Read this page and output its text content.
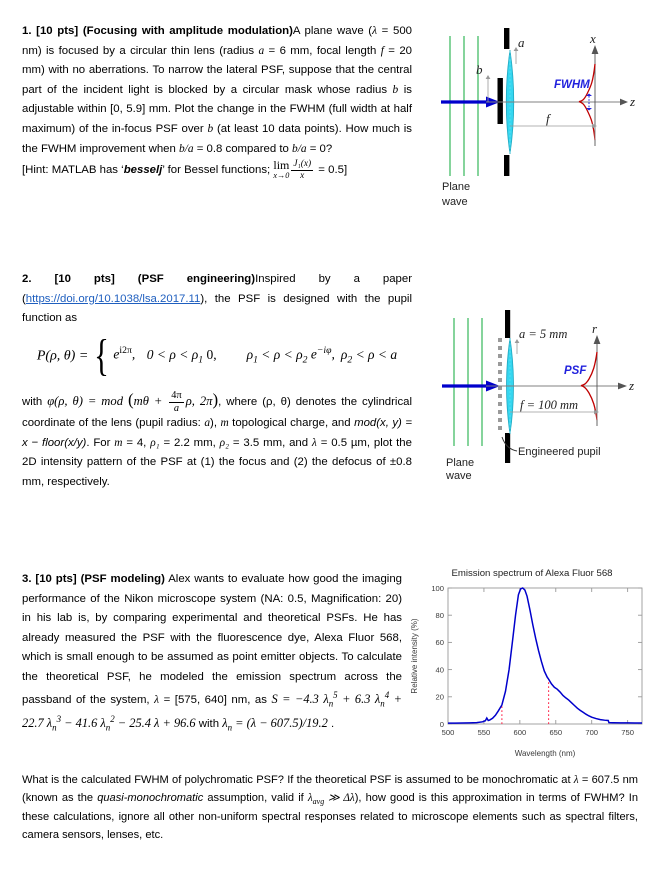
1. [10 pts] (Focusing with amplitude modulation)A plane wave (λ = 500 nm) is focused by a circular thin lens (radius a = 6 mm, focal length f = 20 mm) with no aberrations. To narrow the lateral PSF, suppose that the central part of the incident light is blocked by a circular mask whose radius b is adjustable within [0, 5.9] mm. Plot the change in the FWHM (full width at half maximum) of the in-focus PSF over b (at least 10 data points). How much is the FWHM improvement when b/a = 0.8 compared to b/a = 0?
[Hint: MATLAB has ‘besselj’ for Bessel functions; lim
$x\to 0 \frac{\text{J₁(x)}}{x} = 0.5$]
FWHM
a
b
f
x
z
Plane
wave
2. [10 pts] (PSF engineering)Inspired by a paper (https://doi.org/10.1038/lsa.2017.11), the PSF is designed with the pupil function as
P(ρ, θ) = { $e^{i2\pi}$, $0 < \rho < \rho_1$ 0,   $\rho_1 < \rho < \rho_2$ $e^{-i\varphi}$, $\rho_2 < \rho < a$
with φ(ρ, θ) = mod ($m\theta + \frac{4\pi}{a} \rho$, 2π), where (ρ, θ) denotes the cylindrical coordinate of the lens (pupil radius: a), m topological charge, and mod(x, y) = x − floor(x/y). For m = 4, ρ₁ = 2.2 mm, ρ₂ = 3.5 mm, and λ = 0.5 µm, plot the 2D intensity pattern of the PSF at (1) the focus and (2) the defocus of ±0.8 mm, respectively.
PSF
a = 5 mm
f = 100 mm
r
z
Engineered pupil
Plane
wave
3. [10 pts] (PSF modeling) Alex wants to evaluate how good the imaging performance of the Nikon microscope system (NA: 0.5, Magnification: 20) in his lab is, by comparing experimental and theoretical PSFs. He has already measured the PSF with the fluorescence dye, Alexa Fluor 568, which is small enough to be assumed as point emitter objects. To calculate the theoretical PSF, he modeled the emission spectrum across the passband of the system, λ = [575, 640] nm, as S = −4.3 $\lambda_n^5 + 6.3$ $\lambda_n^4 + 22.7$ $\lambda_n^3 - 41.6$ $\lambda_n^2 - 25.4$ λ + 96.6 with $\lambda_n = (\lambda - 607.5)/19.2$ .
Emission spectrum of Alexa Fluor 568
0
20
40
60
80
100
500	550	600	650	700	750
Wavelength (nm)
Relative intensity (%)
What is the calculated FWHM of polychromatic PSF? If the theoretical PSF is assumed to be monochromatic at λ = 607.5 nm (known as the quasi-monochromatic assumption, valid if $\lambda_{avg}$ ≫ Δλ), how good is this approximation in terms of FWHM? In these calculations, ignore all other non-uniform spectral responses related to microscope elements such as spectral filters, camera sensors, lenses, etc.
